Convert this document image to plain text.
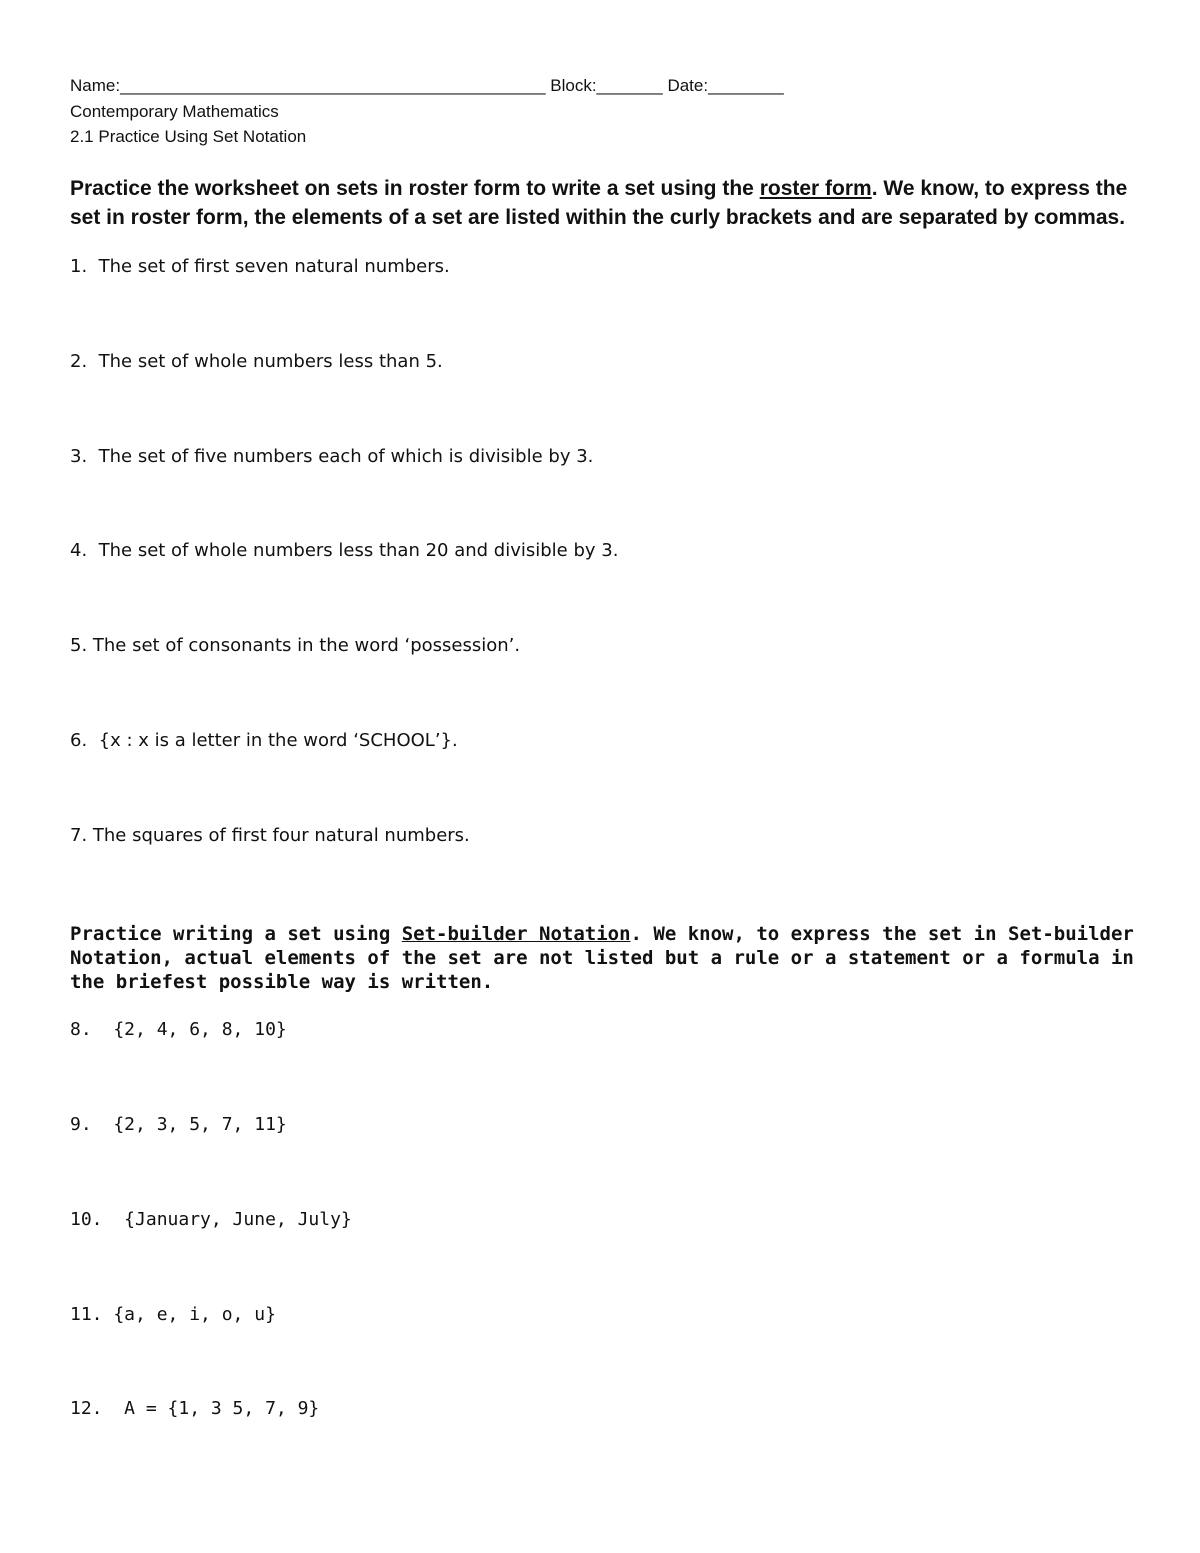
Name:_____________________________________________ Block:_______ Date:________
Contemporary Mathematics
2.1 Practice Using Set Notation
Practice the worksheet on sets in roster form to write a set using the roster form. We know, to express the set in roster form, the elements of a set are listed within the curly brackets and are separated by commas.
1.  The set of first seven natural numbers.
2.  The set of whole numbers less than 5.
3.  The set of five numbers each of which is divisible by 3.
4.  The set of whole numbers less than 20 and divisible by 3.
5. The set of consonants in the word ‘possession’.
6.  {x : x is a letter in the word ‘SCHOOL’}.
7. The squares of first four natural numbers.
Practice writing a set using Set-builder Notation. We know, to express the set in Set-builder Notation, actual elements of the set are not listed but a rule or a statement or a formula in the briefest possible way is written.
8.  {2, 4, 6, 8, 10}
9.  {2, 3, 5, 7, 11}
10.  {January, June, July}
11. {a, e, i, o, u}
12.  A = {1, 3 5, 7, 9}
